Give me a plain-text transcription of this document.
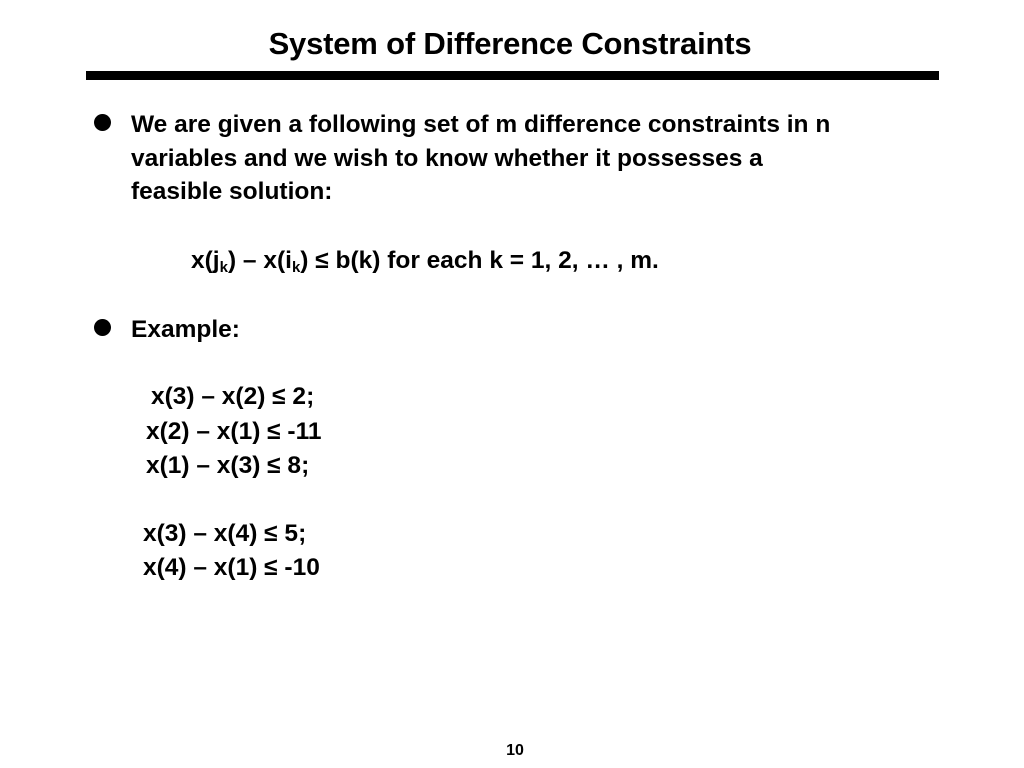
System of Difference Constraints
We are given a following set of m difference constraints in n
variables and we wish to know whether it possesses a
feasible solution:
$x(j_k) - x(i_k) \le b(k)$ for each k = 1, 2, … , m.
Example:
x(3) – x(2) ≤ 2;
x(2) – x(1) ≤ -11
x(1) – x(3) ≤ 8;
x(3) – x(4) ≤ 5;
x(4) – x(1) ≤ -10
10
